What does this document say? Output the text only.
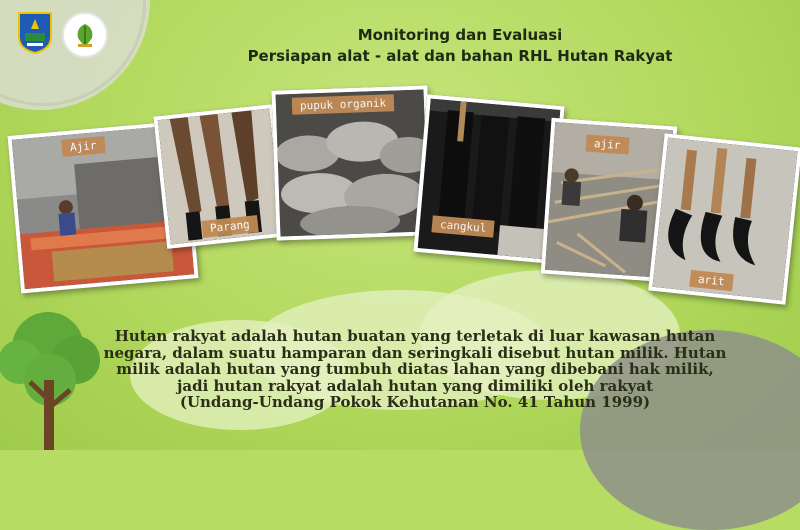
Monitoring dan Evaluasi
Persiapan alat - alat dan bahan RHL Hutan Rakyat
Ajir
Parang
pupuk organik
cangkul
ajir
arit
Hutan rakyat adalah hutan buatan yang terletak di luar kawasan hutan
negara, dalam suatu hamparan dan seringkali disebut hutan milik. Hutan
milik adalah hutan yang tumbuh diatas lahan yang dibebani hak milik,
jadi hutan rakyat adalah hutan yang dimiliki oleh rakyat
(Undang-Undang Pokok Kehutanan No. 41 Tahun 1999)
